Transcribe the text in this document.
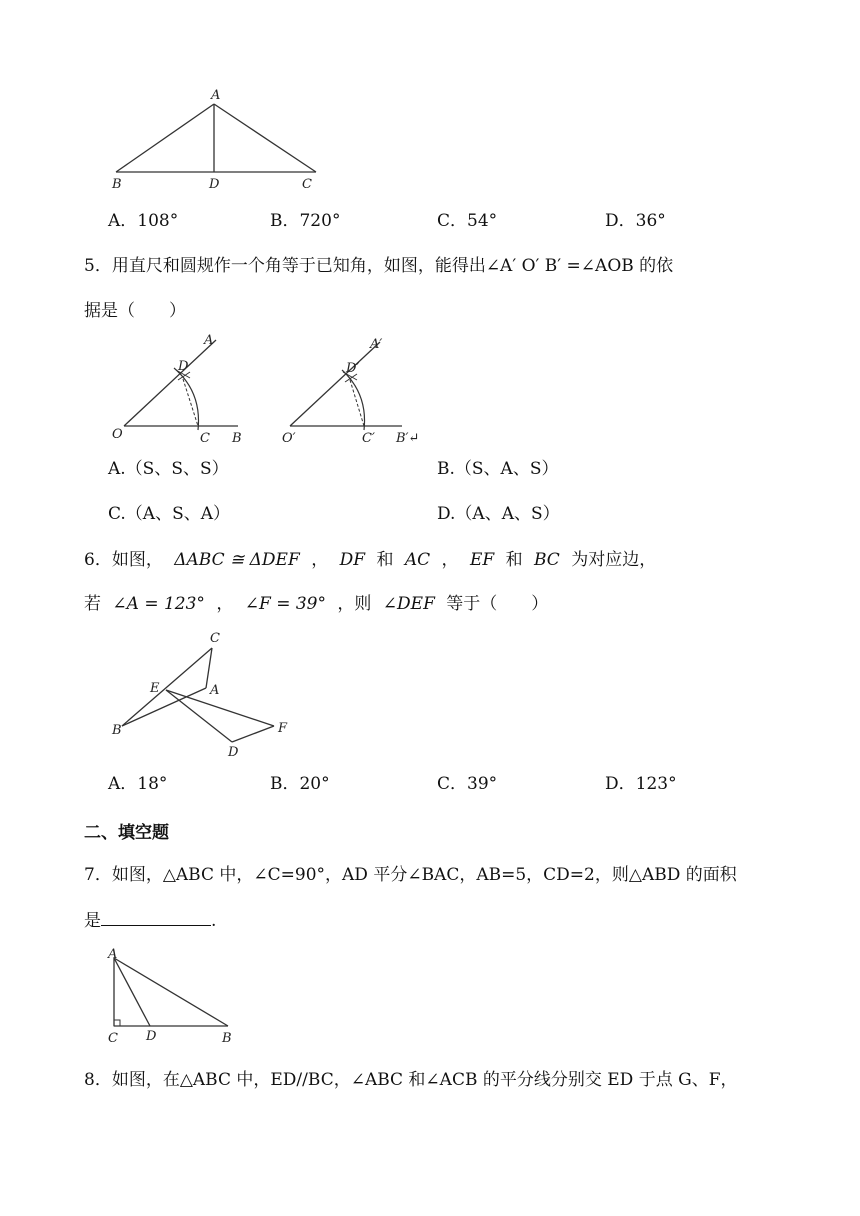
A
B	D	C
A．108°	B．720°	C．54°	D．36°
5．用直尺和圆规作一个角等于已知角，如图，能得出∠A′ O′ B′ =∠AOB 的依
据是（　　）
O	C B
D
A
O′	C′ B′↵
D′
A′
A.（S、S、S）	B.（S、A、S）
C.（A、S、A）	D.（A、A、S）
6．如图， ΔABC ≅ ΔDEF ， DF 和 AC ， EF 和 BC 为对应边，
若 ∠A = 123° ， ∠F = 39° ，则 ∠DEF 等于（　　）
C
E	A
B	F
D
A．18°	B．20°	C．39°	D．123°
二、填空题
7．如图，△ABC 中，∠C=90°，AD 平分∠BAC，AB=5，CD=2，则△ABD 的面积
是	.
A
C D	B
8．如图，在△ABC 中，ED//BC，∠ABC 和∠ACB 的平分线分别交 ED 于点 G、F，
